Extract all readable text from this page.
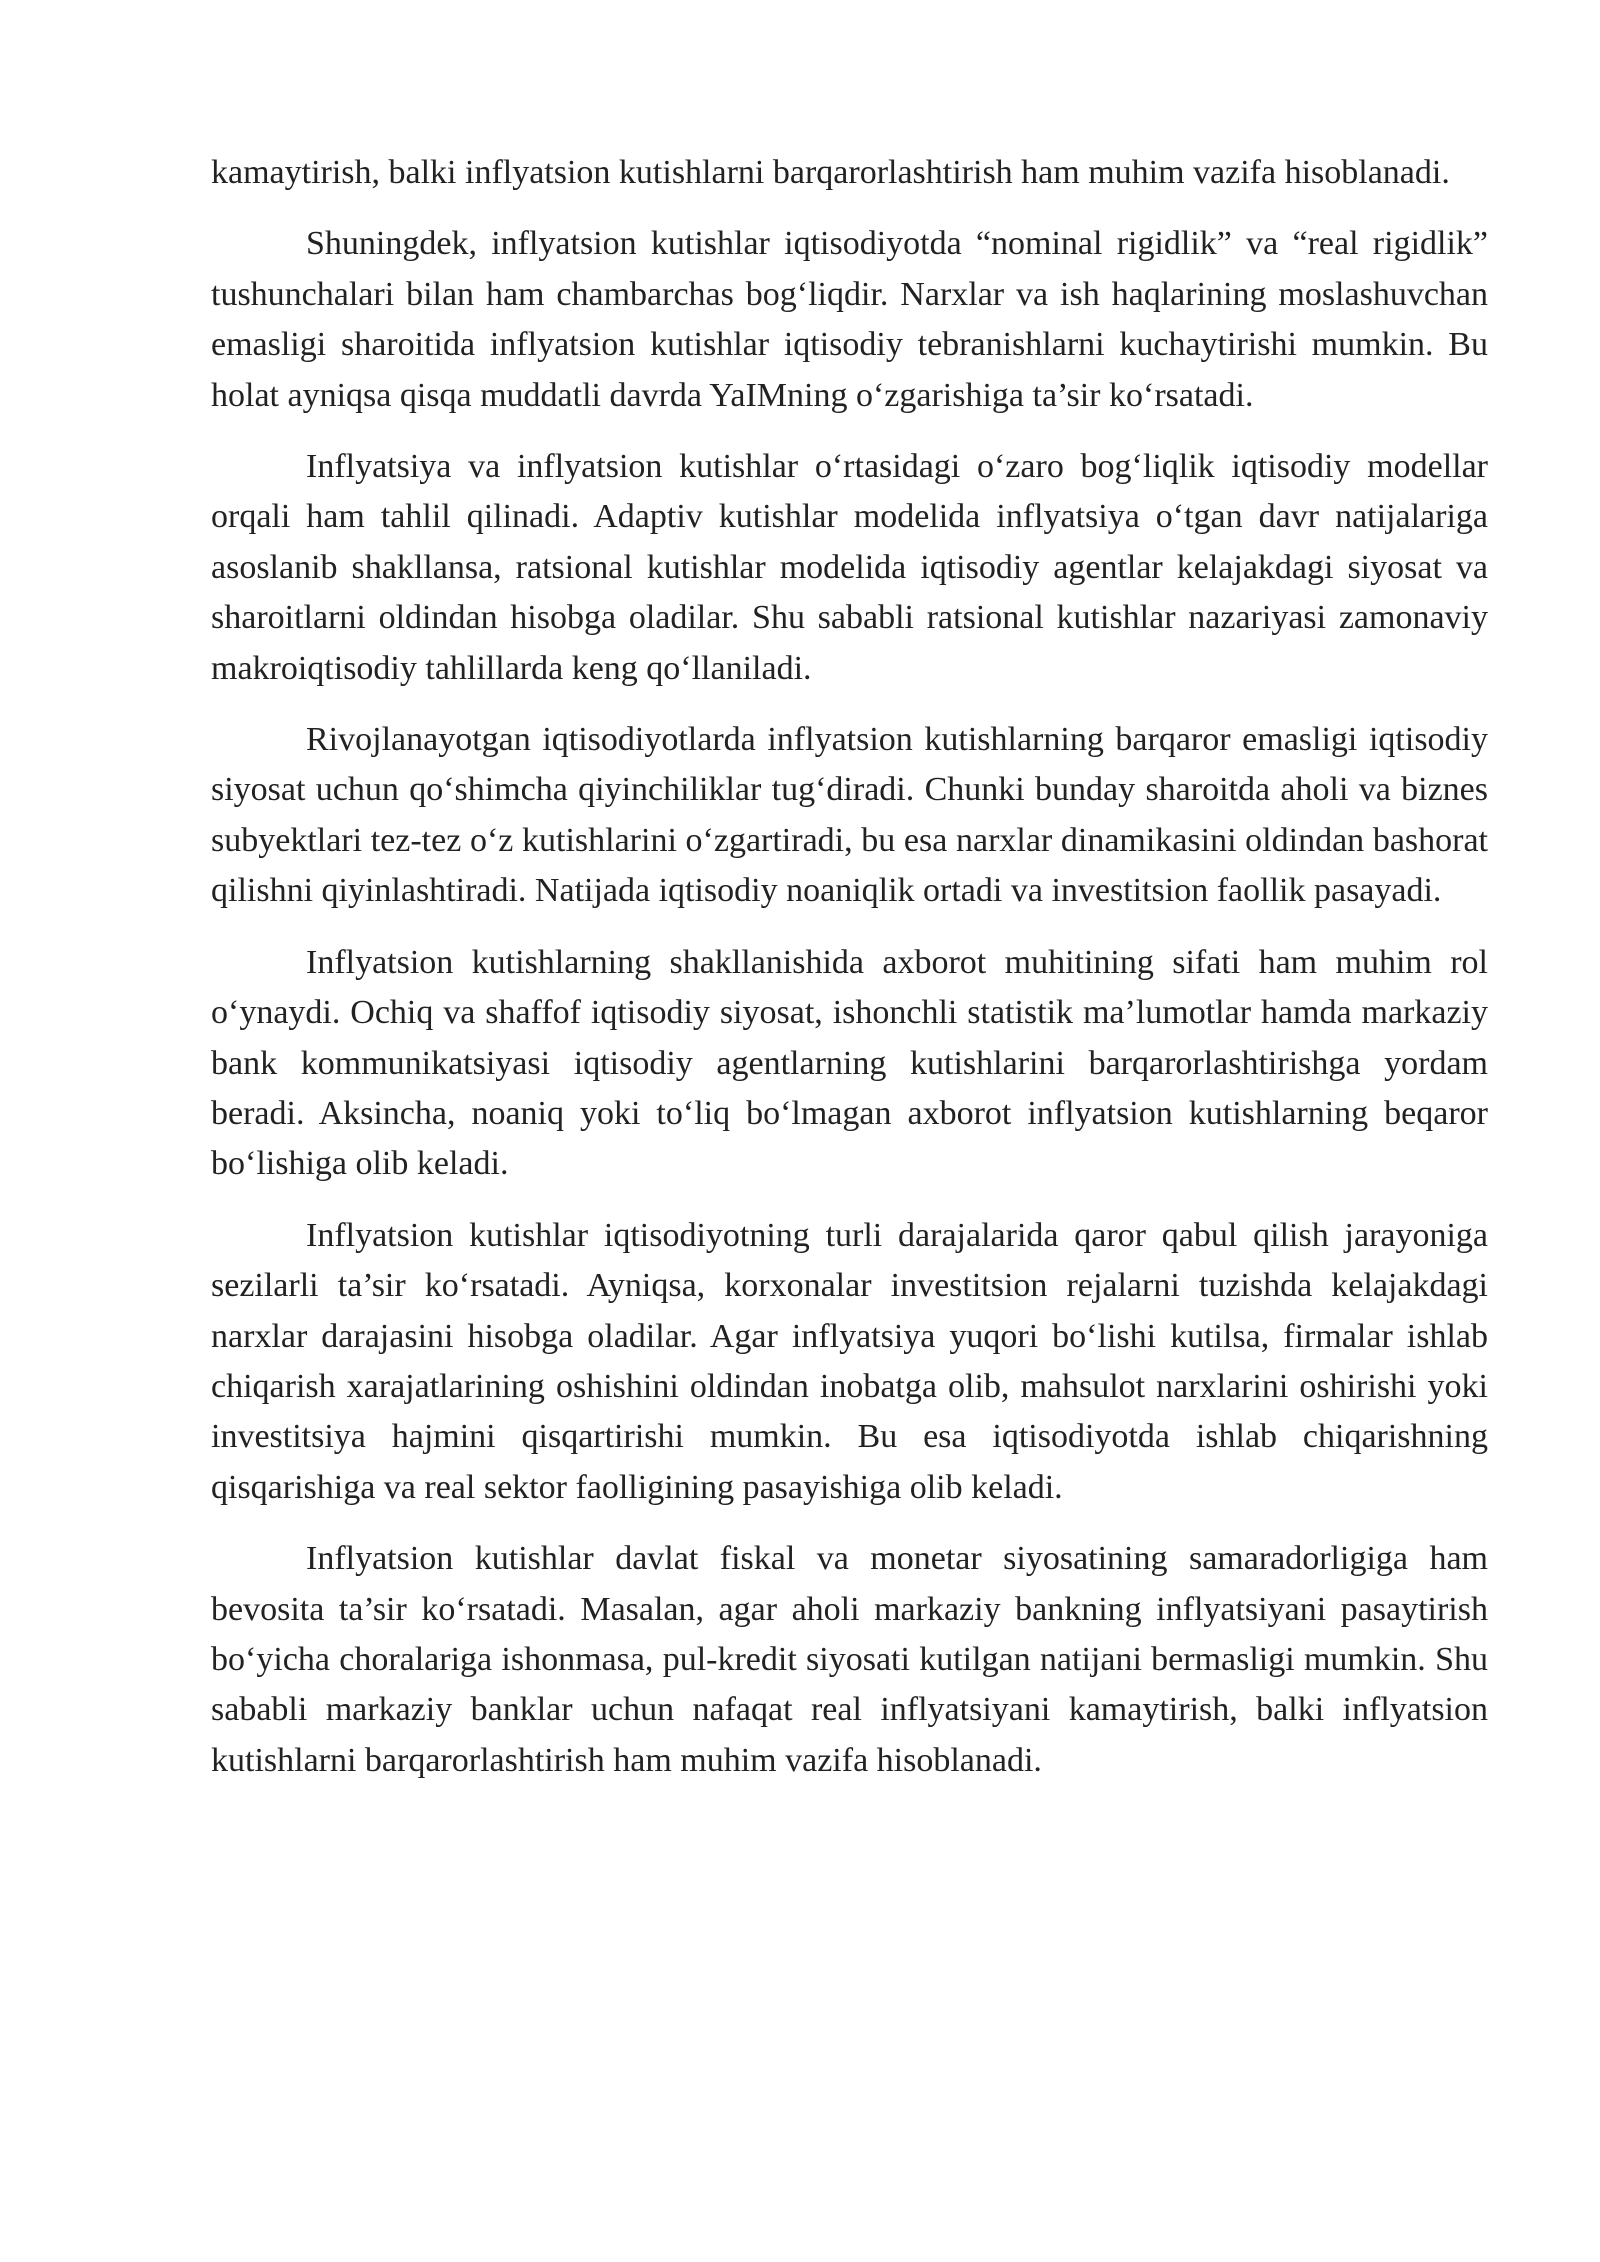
kamaytirish, balki inflyatsion kutishlarni barqarorlashtirish ham muhim vazifa hisoblanadi.

Shuningdek, inflyatsion kutishlar iqtisodiyotda “nominal rigidlik” va “real rigidlik” tushunchalari bilan ham chambarchas bog‘liqdir. Narxlar va ish haqlarining moslashuvchan emasligi sharoitida inflyatsion kutishlar iqtisodiy tebranishlarni kuchaytirishi mumkin. Bu holat ayniqsa qisqa muddatli davrda YaIMning o‘zgarishiga ta’sir ko‘rsatadi.

Inflyatsiya va inflyatsion kutishlar o‘rtasidagi o‘zaro bog‘liqlik iqtisodiy modellar orqali ham tahlil qilinadi. Adaptiv kutishlar modelida inflyatsiya o‘tgan davr natijalariga asoslanib shakllansa, ratsional kutishlar modelida iqtisodiy agentlar kelajakdagi siyosat va sharoitlarni oldindan hisobga oladilar. Shu sababli ratsional kutishlar nazariyasi zamonaviy makroiqtisodiy tahlillarda keng qo‘llaniladi.

Rivojlanayotgan iqtisodiyotlarda inflyatsion kutishlarning barqaror emasligi iqtisodiy siyosat uchun qo‘shimcha qiyinchiliklar tug‘diradi. Chunki bunday sharoitda aholi va biznes subyektlari tez-tez o‘z kutishlarini o‘zgartiradi, bu esa narxlar dinamikasini oldindan bashorat qilishni qiyinlashtiradi. Natijada iqtisodiy noaniqlik ortadi va investitsion faollik pasayadi.

Inflyatsion kutishlarning shakllanishida axborot muhitining sifati ham muhim rol o‘ynaydi. Ochiq va shaffof iqtisodiy siyosat, ishonchli statistik ma’lumotlar hamda markaziy bank kommunikatsiyasi iqtisodiy agentlarning kutishlarini barqarorlashtirishga yordam beradi. Aksincha, noaniq yoki to‘liq bo‘lmagan axborot inflyatsion kutishlarning beqaror bo‘lishiga olib keladi.

Inflyatsion kutishlar iqtisodiyotning turli darajalarida qaror qabul qilish jarayoniga sezilarli ta’sir ko‘rsatadi. Ayniqsa, korxonalar investitsion rejalarni tuzishda kelajakdagi narxlar darajasini hisobga oladilar. Agar inflyatsiya yuqori bo‘lishi kutilsa, firmalar ishlab chiqarish xarajatlarining oshishini oldindan inobatga olib, mahsulot narxlarini oshirishi yoki investitsiya hajmini qisqartirishi mumkin. Bu esa iqtisodiyotda ishlab chiqarishning qisqarishiga va real sektor faolligining pasayishiga olib keladi.

Inflyatsion kutishlar davlat fiskal va monetar siyosatining samaradorligiga ham bevosita ta’sir ko‘rsatadi. Masalan, agar aholi markaziy bankning inflyatsiyani pasaytirish bo‘yicha choralariga ishonmasa, pul-kredit siyosati kutilgan natijani bermasligi mumkin. Shu sababli markaziy banklar uchun nafaqat real inflyatsiyani kamaytirish, balki inflyatsion kutishlarni barqarorlashtirish ham muhim vazifa hisoblanadi.
